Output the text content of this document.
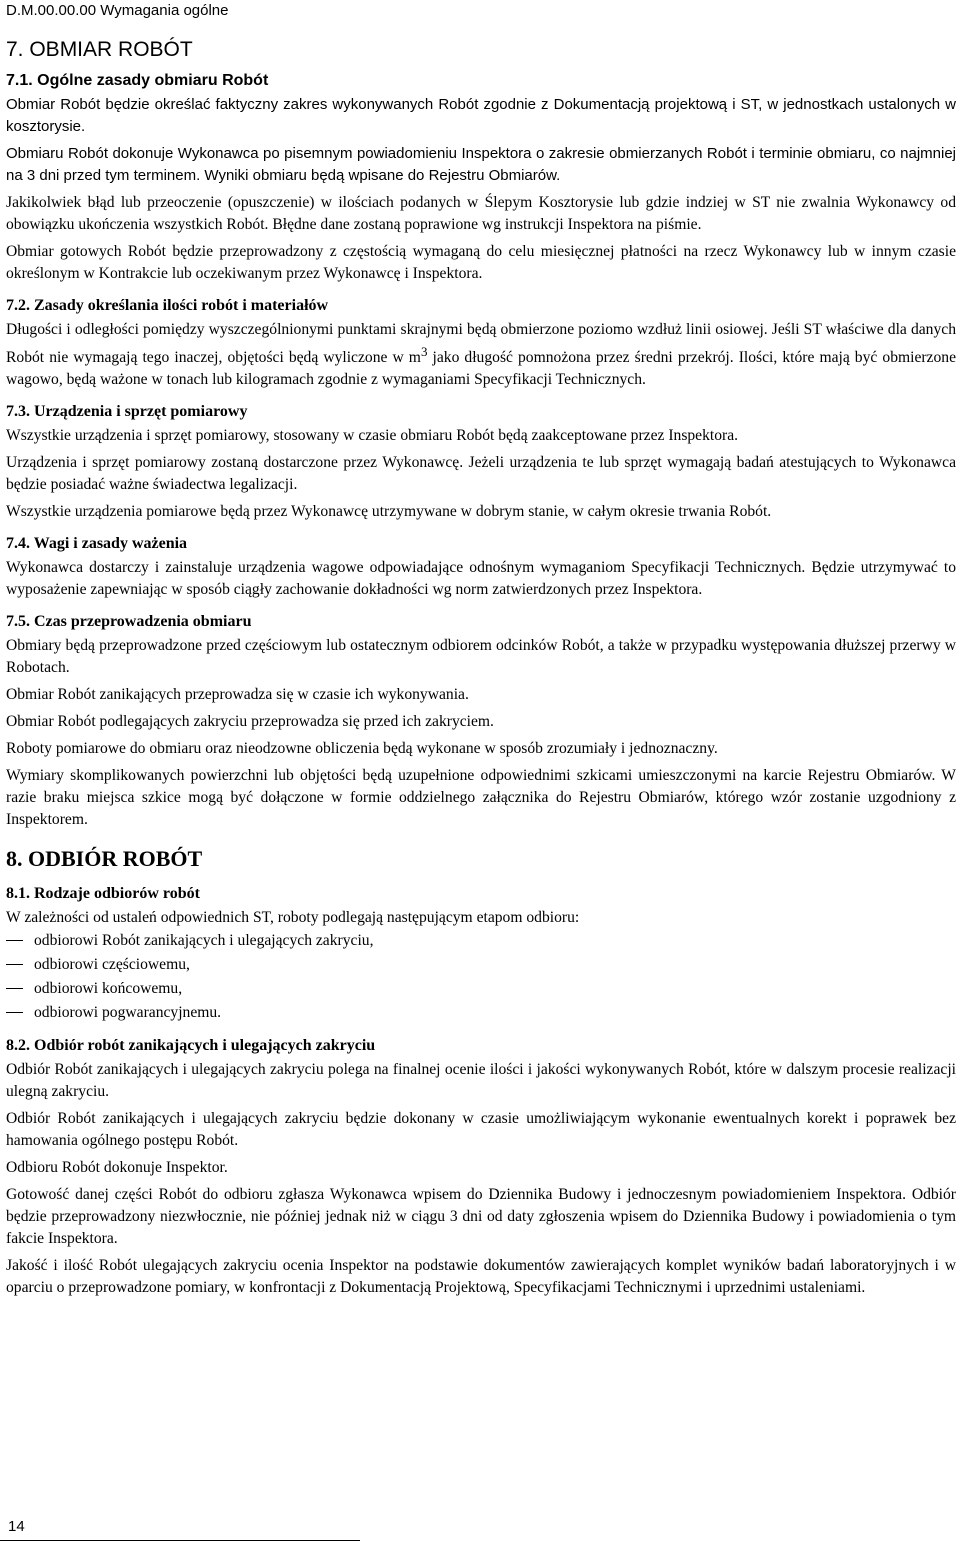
D.M.00.00.00 Wymagania ogólne
7. OBMIAR ROBÓT
7.1. Ogólne zasady obmiaru Robót

Obmiar Robót będzie określać faktyczny zakres wykonywanych Robót zgodnie z Dokumentacją projektową i ST, w jednostkach ustalonych w kosztorysie.

Obmiaru Robót dokonuje Wykonawca po pisemnym powiadomieniu Inspektora o zakresie obmierzanych Robót i terminie obmiaru, co najmniej na 3 dni przed tym terminem. Wyniki obmiaru będą wpisane do Rejestru Obmiarów.

Jakikolwiek błąd lub przeoczenie (opuszczenie) w ilościach podanych w Ślepym Kosztorysie lub gdzie indziej w ST nie zwalnia Wykonawcy od obowiązku ukończenia wszystkich Robót. Błędne dane zostaną poprawione wg instrukcji Inspektora na piśmie.

Obmiar gotowych Robót będzie przeprowadzony z częstością wymaganą do celu miesięcznej płatności na rzecz Wykonawcy lub w innym czasie określonym w Kontrakcie lub oczekiwanym przez Wykonawcę i Inspektora.

7.2. Zasady określania ilości robót i materiałów

Długości i odległości pomiędzy wyszczególnionymi punktami skrajnymi będą obmierzone poziomo wzdłuż linii osiowej. Jeśli ST właściwe dla danych Robót nie wymagają tego inaczej, objętości będą wyliczone w $m^3$ jako długość pomnożona przez średni przekrój. Ilości, które mają być obmierzone wagowo, będą ważone w tonach lub kilogramach zgodnie z wymaganiami Specyfikacji Technicznych.

7.3. Urządzenia i sprzęt pomiarowy

Wszystkie urządzenia i sprzęt pomiarowy, stosowany w czasie obmiaru Robót będą zaakceptowane przez Inspektora.

Urządzenia i sprzęt pomiarowy zostaną dostarczone przez Wykonawcę. Jeżeli urządzenia te lub sprzęt wymagają badań atestujących to Wykonawca będzie posiadać ważne świadectwa legalizacji.

Wszystkie urządzenia pomiarowe będą przez Wykonawcę utrzymywane w dobrym stanie, w całym okresie trwania Robót.

7.4. Wagi i zasady ważenia

Wykonawca dostarczy i zainstaluje urządzenia wagowe odpowiadające odnośnym wymaganiom Specyfikacji Technicznych. Będzie utrzymywać to wyposażenie zapewniając w sposób ciągły zachowanie dokładności wg norm zatwierdzonych przez Inspektora.

7.5. Czas przeprowadzenia obmiaru

Obmiary będą przeprowadzone przed częściowym lub ostatecznym odbiorem odcinków Robót, a także w przypadku występowania dłuższej przerwy w Robotach.

Obmiar Robót zanikających przeprowadza się w czasie ich wykonywania.

Obmiar Robót podlegających zakryciu przeprowadza się przed ich zakryciem.

Roboty pomiarowe do obmiaru oraz nieodzowne obliczenia będą wykonane w sposób zrozumiały i jednoznaczny.

Wymiary skomplikowanych powierzchni lub objętości będą uzupełnione odpowiednimi szkicami umieszczonymi na karcie Rejestru Obmiarów. W razie braku miejsca szkice mogą być dołączone w formie oddzielnego załącznika do Rejestru Obmiarów, którego wzór zostanie uzgodniony z Inspektorem.

8. ODBIÓR ROBÓT
8.1. Rodzaje odbiorów robót

W zależności od ustaleń odpowiednich ST, roboty podlegają następującym etapom odbioru:

odbiorowi Robót zanikających i ulegających zakryciu,
odbiorowi częściowemu,
odbiorowi końcowemu,
odbiorowi pogwarancyjnemu.
8.2. Odbiór robót zanikających i ulegających zakryciu

Odbiór Robót zanikających i ulegających zakryciu polega na finalnej ocenie ilości i jakości wykonywanych Robót, które w dalszym procesie realizacji ulegną zakryciu.

Odbiór Robót zanikających i ulegających zakryciu będzie dokonany w czasie umożliwiającym wykonanie ewentualnych korekt i poprawek bez hamowania ogólnego postępu Robót.

Odbioru Robót dokonuje Inspektor.

Gotowość danej części Robót do odbioru zgłasza Wykonawca wpisem do Dziennika Budowy i jednoczesnym powiadomieniem Inspektora. Odbiór będzie przeprowadzony niezwłocznie, nie później jednak niż w ciągu 3 dni od daty zgłoszenia wpisem do Dziennika Budowy i powiadomienia o tym fakcie Inspektora.

Jakość i ilość Robót ulegających zakryciu ocenia Inspektor na podstawie dokumentów zawierających komplet wyników badań laboratoryjnych i w oparciu o przeprowadzone pomiary, w konfrontacji z Dokumentacją Projektową, Specyfikacjami Technicznymi i uprzednimi ustaleniami.

14
